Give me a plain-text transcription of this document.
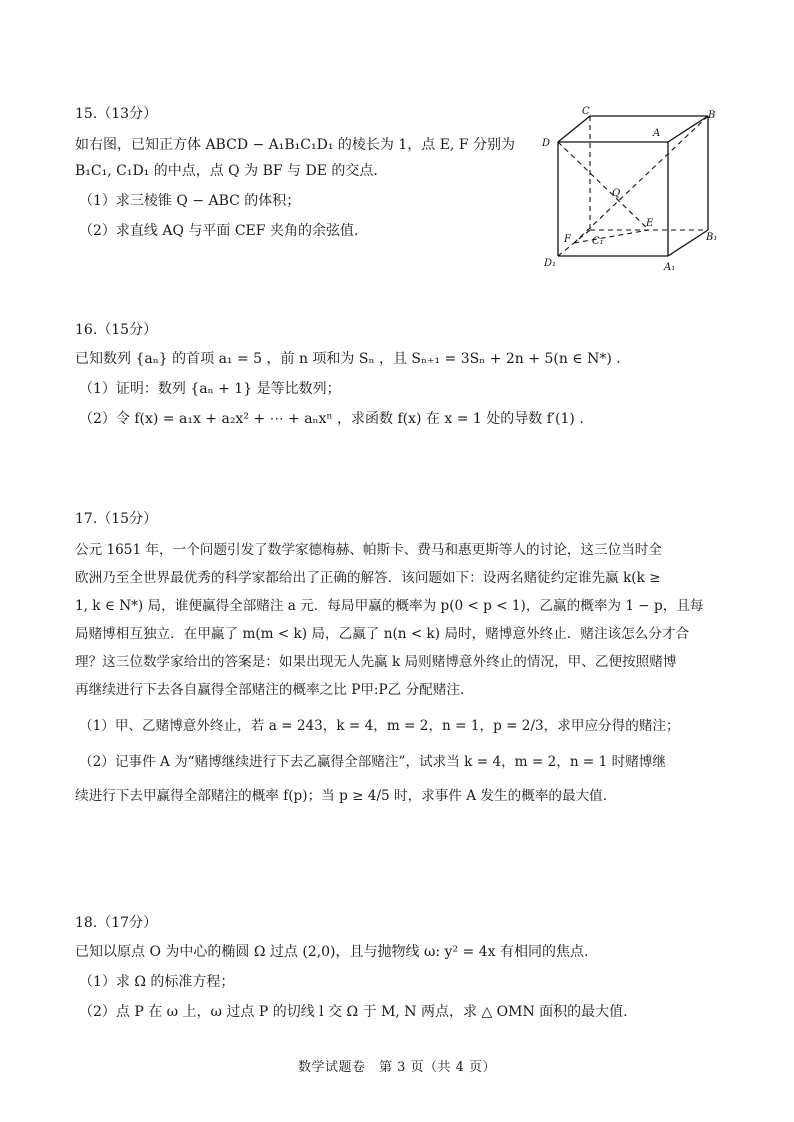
15.（13分）
如右图，已知正方体 ABCD − A₁B₁C₁D₁ 的棱长为 1，点 E, F 分别为
B₁C₁, C₁D₁ 的中点，点 Q 为 BF 与 DE 的交点.
（1）求三棱锥 Q − ABC 的体积；
（2）求直线 AQ 与平面 CEF 夹角的余弦值.
C	B
D
A
Q
E
F C₁	B₁
D₁	A₁
16.（15分）
已知数列 {aₙ} 的首项 a₁ = 5 ，前 n 项和为 Sₙ ，且 Sₙ₊₁ = 3Sₙ + 2n + 5(n ∈ N*) .
（1）证明：数列 {aₙ + 1} 是等比数列；
（2）令 f(x) = a₁x + a₂x² + ⋯ + aₙxⁿ ，求函数 f(x) 在 x = 1 处的导数 f′(1) .
17.（15分）
公元 1651 年，一个问题引发了数学家德梅赫、帕斯卡、费马和惠更斯等人的讨论，这三位当时全
欧洲乃至全世界最优秀的科学家都给出了正确的解答．该问题如下：设两名赌徒约定谁先赢 k(k ≥
1, k ∈ N*) 局，谁便赢得全部赌注 a 元．每局甲赢的概率为 p(0 < p < 1)，乙赢的概率为 1 − p，且每
局赌博相互独立．在甲赢了 m(m < k) 局，乙赢了 n(n < k) 局时，赌博意外终止．赌注该怎么分才合
理？这三位数学家给出的答案是：如果出现无人先赢 k 局则赌博意外终止的情况，甲、乙便按照赌博
再继续进行下去各自赢得全部赌注的概率之比 P甲:P乙 分配赌注.
（1）甲、乙赌博意外终止，若 a = 243，k = 4，m = 2，n = 1，p = 2/3，求甲应分得的赌注；
（2）记事件 A 为“赌博继续进行下去乙赢得全部赌注”，试求当 k = 4，m = 2，n = 1 时赌博继
续进行下去甲赢得全部赌注的概率 f(p)；当 p ≥ 4/5 时，求事件 A 发生的概率的最大值.
18.（17分）
已知以原点 O 为中心的椭圆 Ω 过点 (2,0)，且与抛物线 ω: y² = 4x 有相同的焦点.
（1）求 Ω 的标准方程；
（2）点 P 在 ω 上，ω 过点 P 的切线 l 交 Ω 于 M, N 两点，求 △ OMN 面积的最大值.
数学试题卷　第 3 页（共 4 页）
